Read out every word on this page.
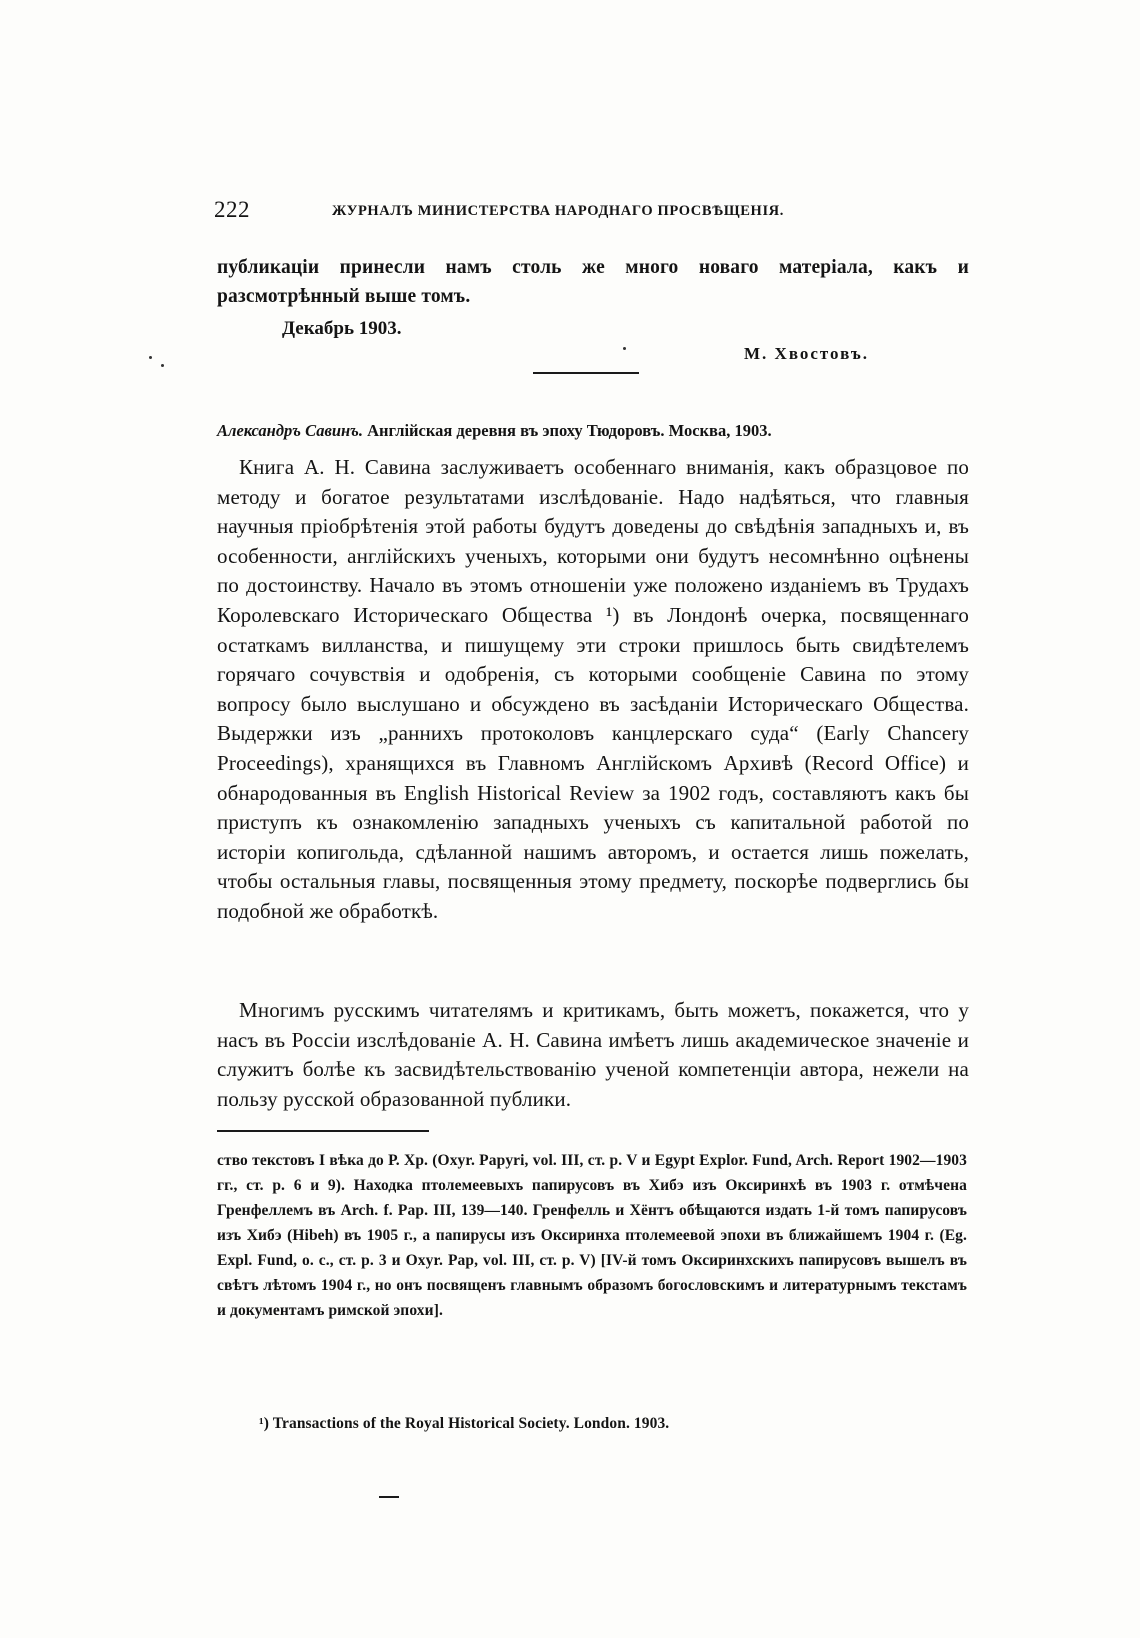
222	ЖУРНАЛЪ МИНИСТЕРСТВА НАРОДНАГО ПРОСВѢЩЕНІЯ.

публикаціи принесли намъ столь же много новаго матеріала, какъ и разсмотрѣнный выше томъ.

Декабрь 1903.
М. Хвостовъ.
Александръ Савинъ. Англійская деревня въ эпоху Тюдоровъ. Москва, 1903.

Книга А. Н. Савина заслуживаетъ особеннаго вниманія, какъ образцовое по методу и богатое результатами изслѣдованіе. Надо надѣяться, что главныя научныя пріобрѣтенія этой работы будутъ доведены до свѣдѣнія западныхъ и, въ особенности, англійскихъ ученыхъ, которыми они будутъ несомнѣнно оцѣнены по достоинству. Начало въ этомъ отношеніи уже положено изданіемъ въ Трудахъ Королевскаго Историческаго Общества ¹) въ Лондонѣ очерка, посвященнаго остаткамъ вилланства, и пишущему эти строки пришлось быть свидѣтелемъ горячаго сочувствія и одобренія, съ которыми сообщеніе Савина по этому вопросу было выслушано и обсуждено въ засѣданіи Историческаго Общества. Выдержки изъ „раннихъ протоколовъ канцлерскаго суда“ (Early Chancery Proceedings), хранящихся въ Главномъ Англійскомъ Архивѣ (Record Office) и обнародованныя въ English Historical Review за 1902 годъ, составляютъ какъ бы приступъ къ ознакомленію западныхъ ученыхъ съ капитальной работой по исторіи копигольда, сдѣланной нашимъ авторомъ, и остается лишь пожелать, чтобы остальныя главы, посвященныя этому предмету, поскорѣе подверглись бы подобной же обработкѣ.

Многимъ русскимъ читателямъ и критикамъ, быть можетъ, покажется, что у насъ въ Россіи изслѣдованіе А. Н. Савина имѣетъ лишь академическое значеніе и служитъ болѣе къ засвидѣтельствованію ученой компетенціи автора, нежели на пользу русской образованной публики.

ство текстовъ I вѣка до Р. Хр. (Oxyr. Papyri, vol. III, ст. p. V и Egypt Explor. Fund, Arch. Report 1902—1903 гг., ст. p. 6 и 9). Находка птолемеевыхъ папирусовъ въ Хибэ изъ Оксиринхѣ въ 1903 г. отмѣчена Гренфеллемъ въ Arch. f. Pap. III, 139—140. Гренфелль и Хёнтъ обѣщаются издать 1-й томъ папирусовъ изъ Хибэ (Hibeh) въ 1905 г., а папирусы изъ Оксиринха птолемеевой эпохи въ ближайшемъ 1904 г. (Eg. Expl. Fund, o. c., ст. p. 3 и Oxyr. Pap, vol. III, ст. p. V) [IV-й томъ Оксиринхскихъ папирусовъ вышелъ въ свѣтъ лѣтомъ 1904 г., но онъ посвященъ главнымъ образомъ богословскимъ и литературнымъ текстамъ и документамъ римской эпохи].

¹) Transactions of the Royal Historical Society. London. 1903.
